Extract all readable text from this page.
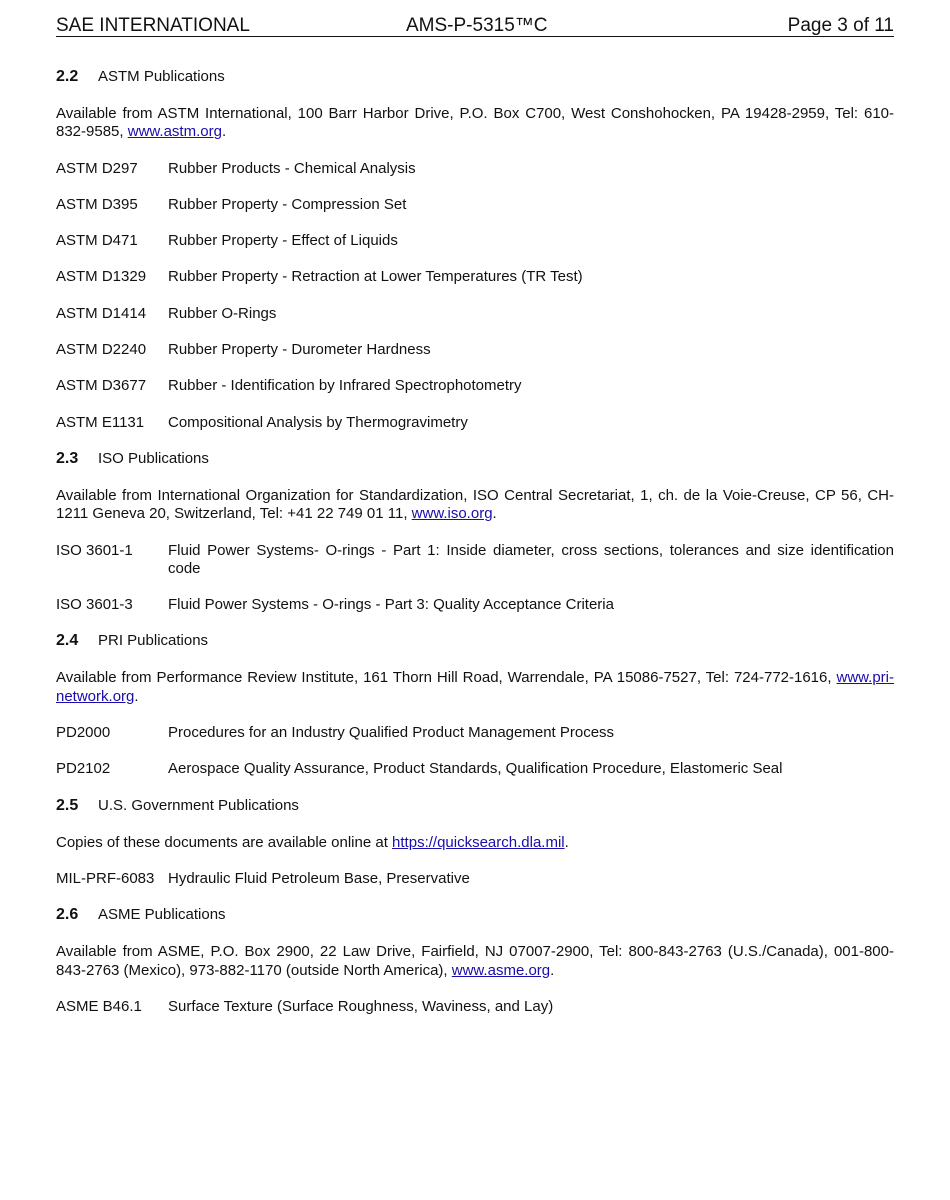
SAE INTERNATIONAL	AMS-P-5315™C	Page 3 of 11
2.2	ASTM Publications

Available from ASTM International, 100 Barr Harbor Drive, P.O. Box C700, West Conshohocken, PA 19428-2959, Tel: 610-832-9585, www.astm.org.

ASTM D297	Rubber Products - Chemical Analysis
ASTM D395	Rubber Property - Compression Set
ASTM D471	Rubber Property - Effect of Liquids
ASTM D1329	Rubber Property - Retraction at Lower Temperatures (TR Test)
ASTM D1414	Rubber O-Rings
ASTM D2240	Rubber Property - Durometer Hardness
ASTM D3677	Rubber - Identification by Infrared Spectrophotometry
ASTM E1131	Compositional Analysis by Thermogravimetry
2.3	ISO Publications

Available from International Organization for Standardization, ISO Central Secretariat, 1, ch. de la Voie-Creuse, CP 56, CH-1211 Geneva 20, Switzerland, Tel: +41 22 749 01 11, www.iso.org.

ISO 3601-1	Fluid Power Systems- O-rings - Part 1: Inside diameter, cross sections, tolerances and size identification code
ISO 3601-3	Fluid Power Systems - O-rings - Part 3: Quality Acceptance Criteria
2.4	PRI Publications

Available from Performance Review Institute, 161 Thorn Hill Road, Warrendale, PA 15086-7527, Tel: 724-772-1616, www.pri-network.org.

PD2000	Procedures for an Industry Qualified Product Management Process
PD2102	Aerospace Quality Assurance, Product Standards, Qualification Procedure, Elastomeric Seal
2.5	U.S. Government Publications

Copies of these documents are available online at https://quicksearch.dla.mil.

MIL-PRF-6083 Hydraulic Fluid Petroleum Base, Preservative
2.6	ASME Publications

Available from ASME, P.O. Box 2900, 22 Law Drive, Fairfield, NJ 07007-2900, Tel: 800-843-2763 (U.S./Canada), 001-800-843-2763 (Mexico), 973-882-1170 (outside North America), www.asme.org.

ASME B46.1	Surface Texture (Surface Roughness, Waviness, and Lay)
